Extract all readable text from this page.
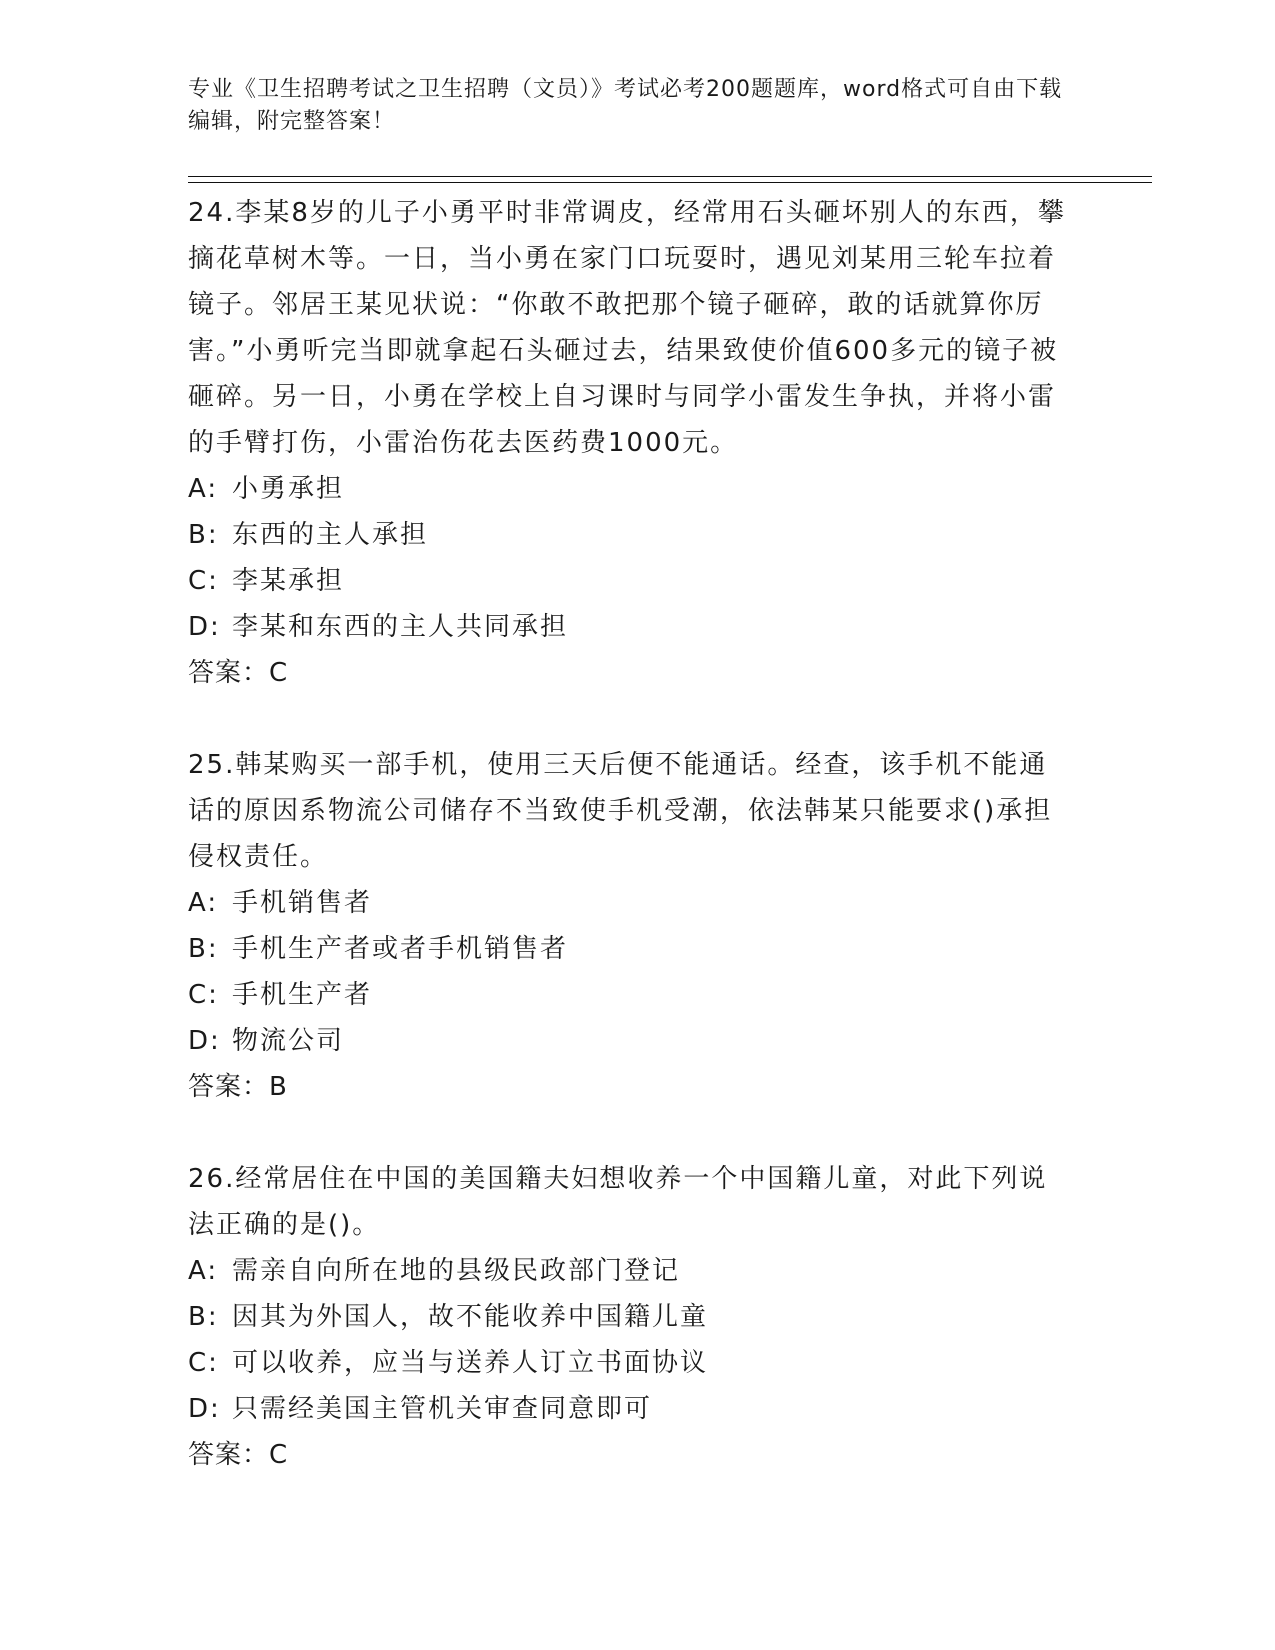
专业《卫生招聘考试之卫生招聘（文员）》考试必考200题题库，word格式可自由下载编辑，附完整答案！

24.李某8岁的儿子小勇平时非常调皮，经常用石头砸坏别人的东西，攀摘花草树木等。一日，当小勇在家门口玩耍时，遇见刘某用三轮车拉着镜子。邻居王某见状说：“你敢不敢把那个镜子砸碎，敢的话就算你厉害。”小勇听完当即就拿起石头砸过去，结果致使价值600多元的镜子被砸碎。另一日，小勇在学校上自习课时与同学小雷发生争执，并将小雷的手臂打伤，小雷治伤花去医药费1000元。

A: 小勇承担

B: 东西的主人承担

C: 李某承担

D: 李某和东西的主人共同承担

答案：C

25.韩某购买一部手机，使用三天后便不能通话。经查，该手机不能通话的原因系物流公司储存不当致使手机受潮，依法韩某只能要求()承担侵权责任。

A: 手机销售者

B: 手机生产者或者手机销售者

C: 手机生产者

D: 物流公司

答案：B

26.经常居住在中国的美国籍夫妇想收养一个中国籍儿童，对此下列说法正确的是()。

A: 需亲自向所在地的县级民政部门登记

B: 因其为外国人，故不能收养中国籍儿童

C: 可以收养，应当与送养人订立书面协议

D: 只需经美国主管机关审查同意即可

答案：C
